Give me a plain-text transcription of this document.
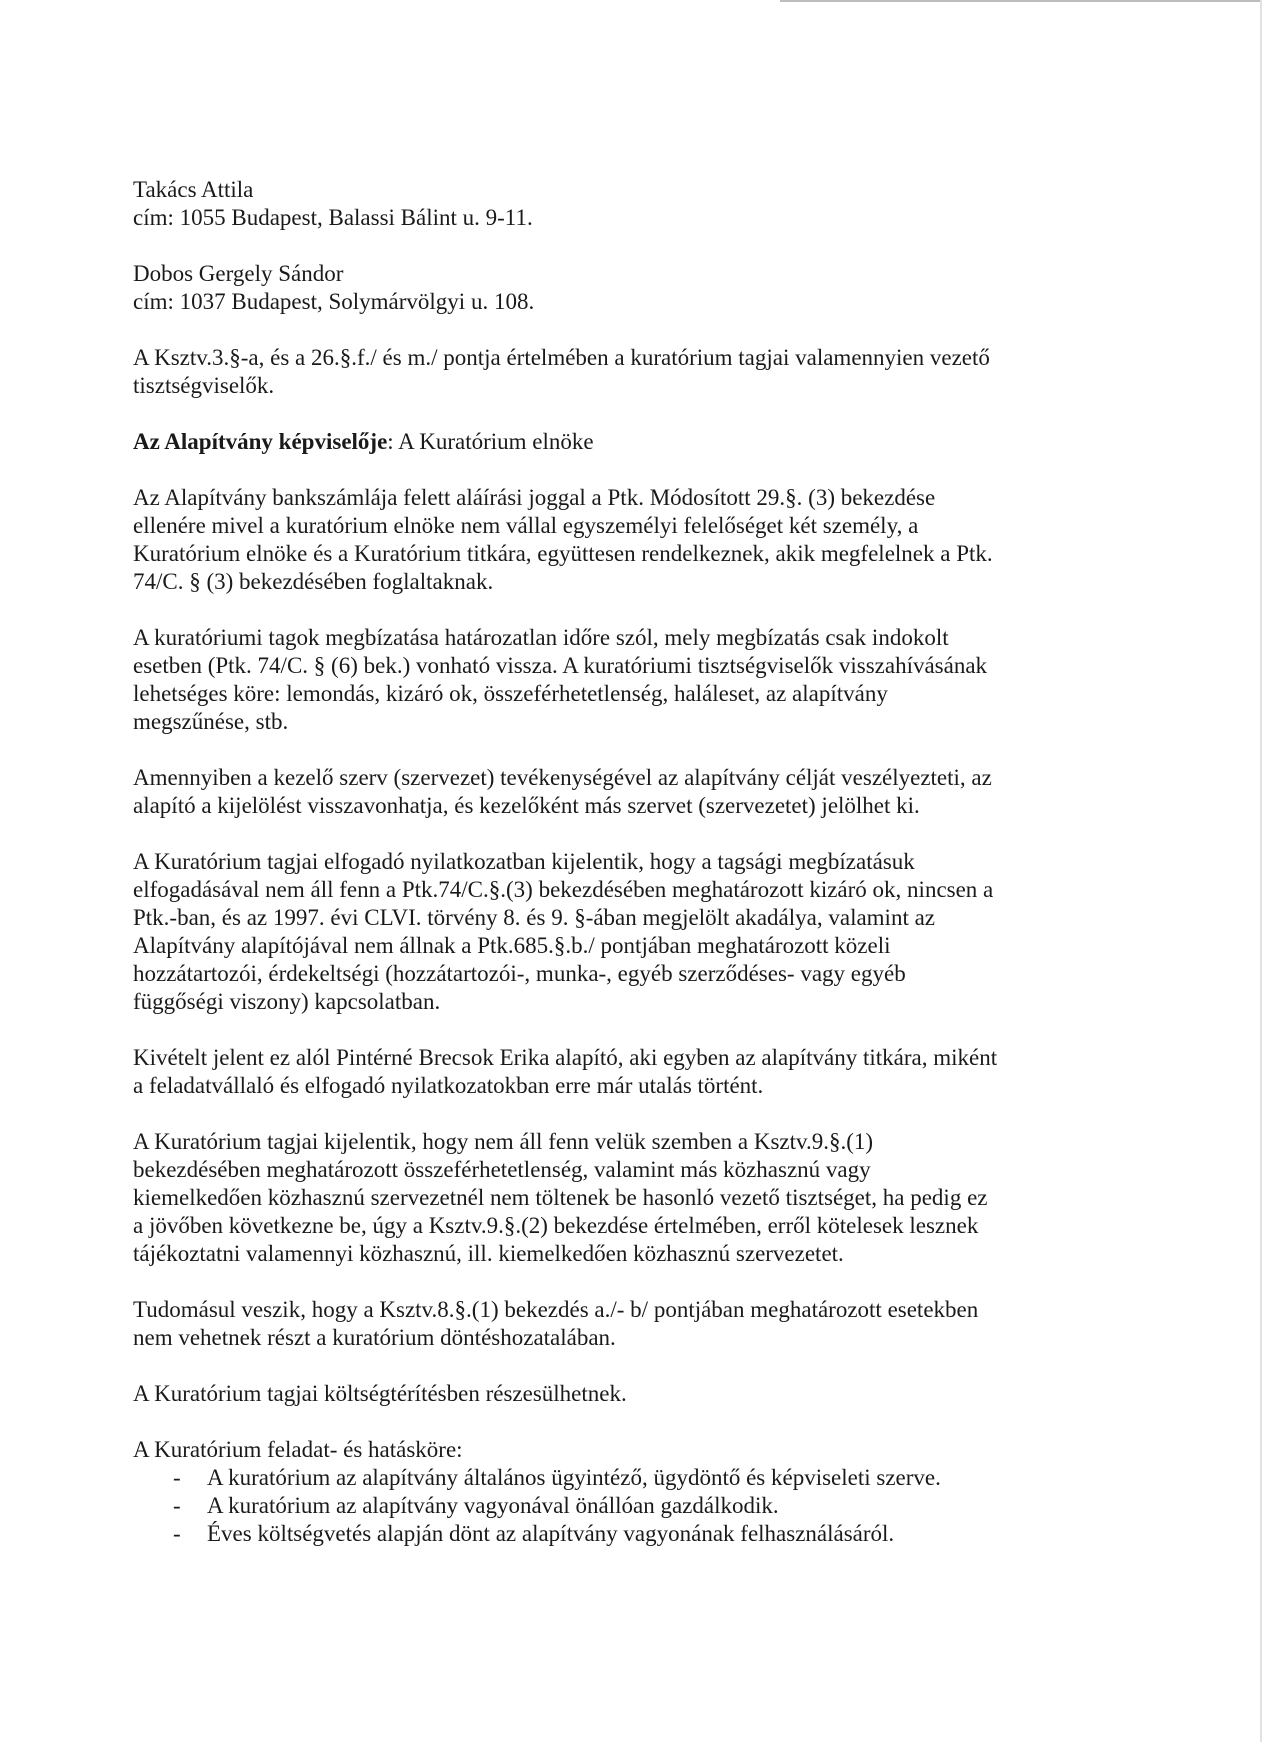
Takács Attila
cím: 1055 Budapest, Balassi Bálint u. 9-11.

Dobos Gergely Sándor
cím: 1037 Budapest, Solymárvölgyi u. 108.

A Ksztv.3.§-a, és a 26.§.f./ és m./ pontja értelmében a kuratórium tagjai valamennyien vezető
tisztségviselők.

Az Alapítvány képviselője: A Kuratórium elnöke

Az Alapítvány bankszámlája felett aláírási joggal a Ptk. Módosított 29.§. (3) bekezdése
ellenére mivel a kuratórium elnöke nem vállal egyszemélyi felelőséget két személy, a
Kuratórium elnöke és a Kuratórium titkára, együttesen rendelkeznek, akik megfelelnek a Ptk.
74/C. § (3) bekezdésében foglaltaknak.

A kuratóriumi tagok megbízatása határozatlan időre szól, mely megbízatás csak indokolt
esetben (Ptk. 74/C. § (6) bek.) vonható vissza. A kuratóriumi tisztségviselők visszahívásának
lehetséges köre: lemondás, kizáró ok, összeférhetetlenség, haláleset, az alapítvány
megszűnése, stb.

Amennyiben a kezelő szerv (szervezet) tevékenységével az alapítvány célját veszélyezteti, az
alapító a kijelölést visszavonhatja, és kezelőként más szervet (szervezetet) jelölhet ki.

A Kuratórium tagjai elfogadó nyilatkozatban kijelentik, hogy a tagsági megbízatásuk
elfogadásával nem áll fenn a Ptk.74/C.§.(3) bekezdésében meghatározott kizáró ok, nincsen a
Ptk.-ban, és az 1997. évi CLVI. törvény 8. és 9. §-ában megjelölt akadálya, valamint az
Alapítvány alapítójával nem állnak a Ptk.685.§.b./ pontjában meghatározott közeli
hozzátartozói, érdekeltségi (hozzátartozói-, munka-, egyéb szerződéses- vagy egyéb
függőségi viszony) kapcsolatban.

Kivételt jelent ez alól Pintérné Brecsok Erika alapító, aki egyben az alapítvány titkára, miként
a feladatvállaló és elfogadó nyilatkozatokban erre már utalás történt.

A Kuratórium tagjai kijelentik, hogy nem áll fenn velük szemben a Ksztv.9.§.(1)
bekezdésében meghatározott összeférhetetlenség, valamint más közhasznú vagy
kiemelkedően közhasznú szervezetnél nem töltenek be hasonló vezető tisztséget, ha pedig ez
a jövőben következne be, úgy a Ksztv.9.§.(2) bekezdése értelmében, erről kötelesek lesznek
tájékoztatni valamennyi közhasznú, ill. kiemelkedően közhasznú szervezetet.

Tudomásul veszik, hogy a Ksztv.8.§.(1) bekezdés a./- b/ pontjában meghatározott esetekben
nem vehetnek részt a kuratórium döntéshozatalában.

A Kuratórium tagjai költségtérítésben részesülhetnek.

A Kuratórium feladat- és hatásköre:

- A kuratórium az alapítvány általános ügyintéző, ügydöntő és képviseleti szerve.
- A kuratórium az alapítvány vagyonával önállóan gazdálkodik.
- Éves költségvetés alapján dönt az alapítvány vagyonának felhasználásáról.
